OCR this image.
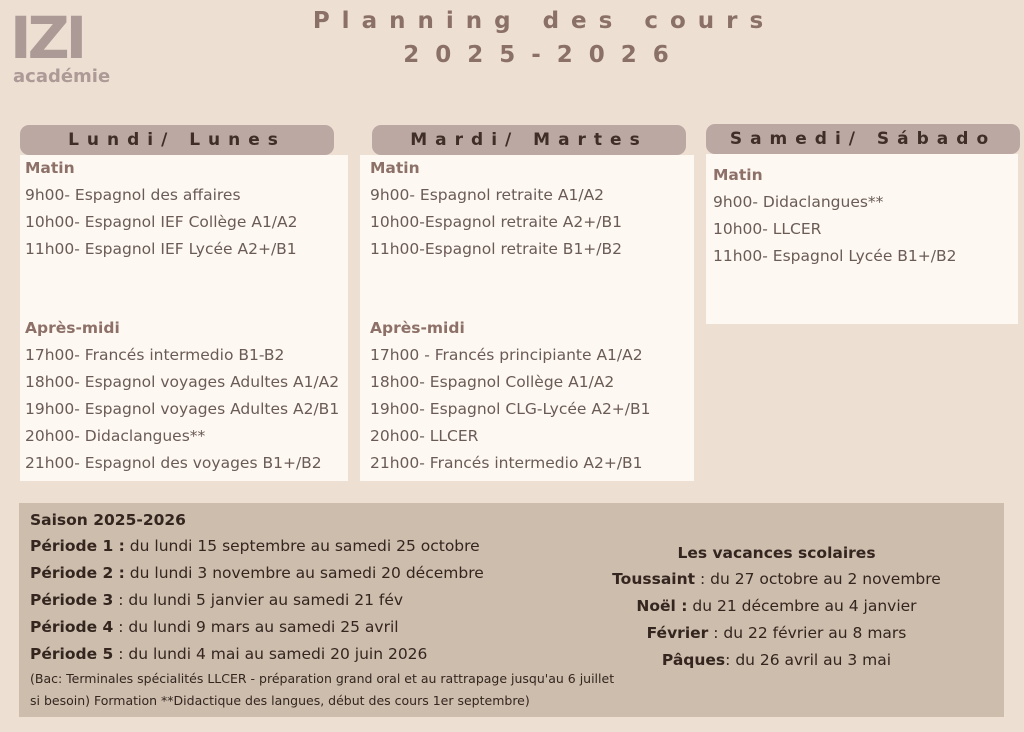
IZI
académie
Planning des cours
2025-2026
Lundi/ Lunes
Matin
9h00- Espagnol des affaires
10h00- Espagnol IEF Collège A1/A2
11h00- Espagnol IEF Lycée A2+/B1
Après-midi
17h00- Francés intermedio B1-B2
18h00- Espagnol voyages Adultes A1/A2
19h00- Espagnol voyages Adultes A2/B1
20h00- Didaclangues**
21h00- Espagnol des voyages B1+/B2
Mardi/ Martes
Matin
9h00- Espagnol retraite A1/A2
10h00-Espagnol retraite A2+/B1
11h00-Espagnol retraite B1+/B2
Après-midi
17h00 - Francés principiante A1/A2
18h00- Espagnol Collège A1/A2
19h00- Espagnol CLG-Lycée A2+/B1
20h00- LLCER
21h00- Francés intermedio A2+/B1
Samedi/ Sábado
Matin
9h00- Didaclangues**
10h00- LLCER
11h00- Espagnol Lycée B1+/B2
Saison 2025-2026
Période 1 : du lundi 15 septembre au samedi 25 octobre
Période 2 : du lundi 3 novembre au samedi 20 décembre
Période 3 : du lundi 5 janvier au samedi 21 fév
Période 4 : du lundi 9 mars au samedi 25 avril
Période 5 : du lundi 4 mai au samedi 20 juin 2026
(Bac: Terminales spécialités LLCER - préparation grand oral et au rattrapage jusqu'au 6 juillet si besoin) Formation **Didactique des langues, début des cours 1er septembre)
Les vacances scolaires
Toussaint : du 27 octobre au 2 novembre
Noël : du 21 décembre au 4 janvier
Février : du 22 février au 8 mars
Pâques: du 26 avril au 3 mai
